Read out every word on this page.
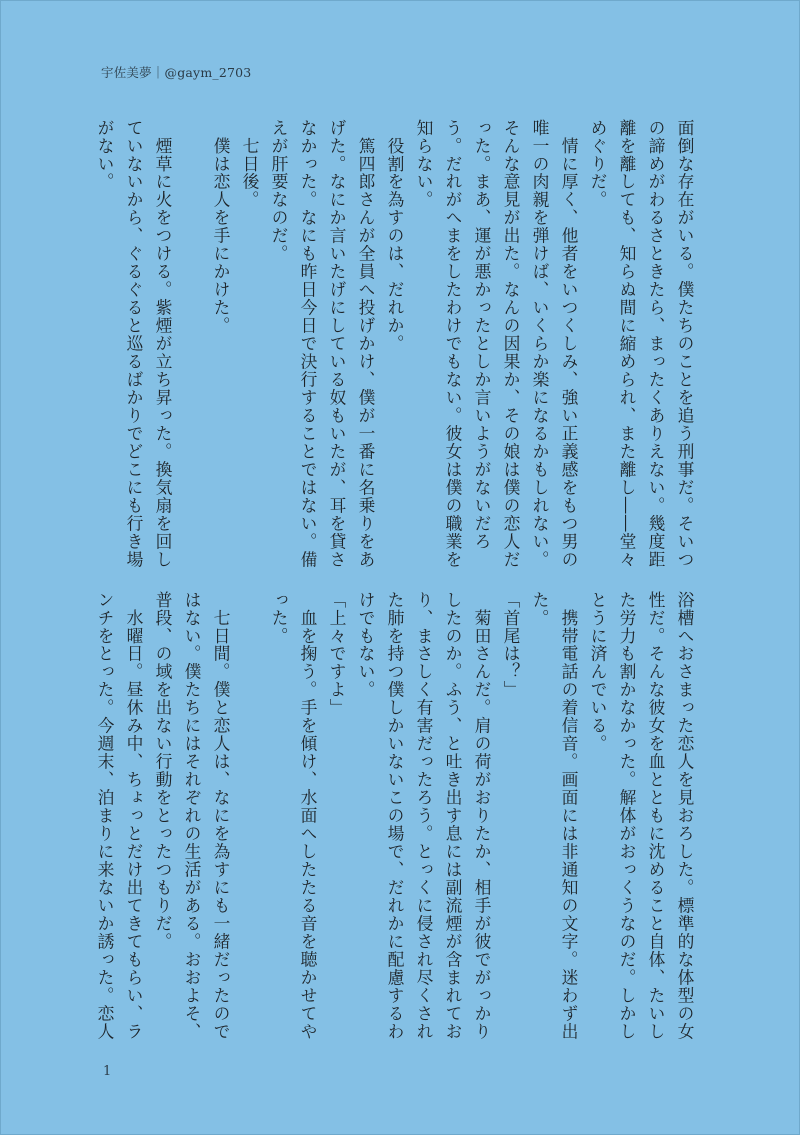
宇佐美夢｜@gaym_2703
面倒な存在がいる。僕たちのことを追う刑事だ。そいつの諦めがわるさときたら、まったくありえない。幾度距離を離しても、知らぬ間に縮められ、また離し――堂々めぐりだ。
　情に厚く、他者をいつくしみ、強い正義感をもつ男の唯一の肉親を弾けば、いくらか楽になるかもしれない。そんな意見が出た。なんの因果か、その娘は僕の恋人だった。まあ、運が悪かったとしか言いようがないだろう。だれがへまをしたわけでもない。彼女は僕の職業を知らない。
　役割を為すのは、だれか。
　篤四郎さんが全員へ投げかけ、僕が一番に名乗りをあげた。なにか言いたげにしている奴もいたが、耳を貸さなかった。なにも昨日今日で決行することではない。備えが肝要なのだ。
　七日後。
　僕は恋人を手にかけた。

　煙草に火をつける。紫煙が立ち昇った。換気扇を回していないから、ぐるぐると巡るばかりでどこにも行き場がない。
浴槽へおさまった恋人を見おろした。標準的な体型の女性だ。そんな彼女を血とともに沈めること自体、たいした労力も割かなかった。解体がおっくうなのだ。しかしとうに済んでいる。
　携帯電話の着信音。画面には非通知の文字。迷わず出た。
「首尾は？」
　菊田さんだ。肩の荷がおりたか、相手が彼でがっかりしたのか。ふう、と吐き出す息には副流煙が含まれており、まさしく有害だったろう。とっくに侵され尽くされた肺を持つ僕しかいないこの場で、だれかに配慮するわけでもない。
「上々ですよ」
　血を掬う。手を傾け、水面へしたたる音を聴かせてやった。

　七日間。僕と恋人は、なにを為すにも一緒だったのではない。僕たちにはそれぞれの生活がある。おおよそ、普段、の域を出ない行動をとったつもりだ。
　水曜日。昼休み中、ちょっとだけ出てきてもらい、ランチをとった。今週末、泊まりに来ないか誘った。恋人
1
